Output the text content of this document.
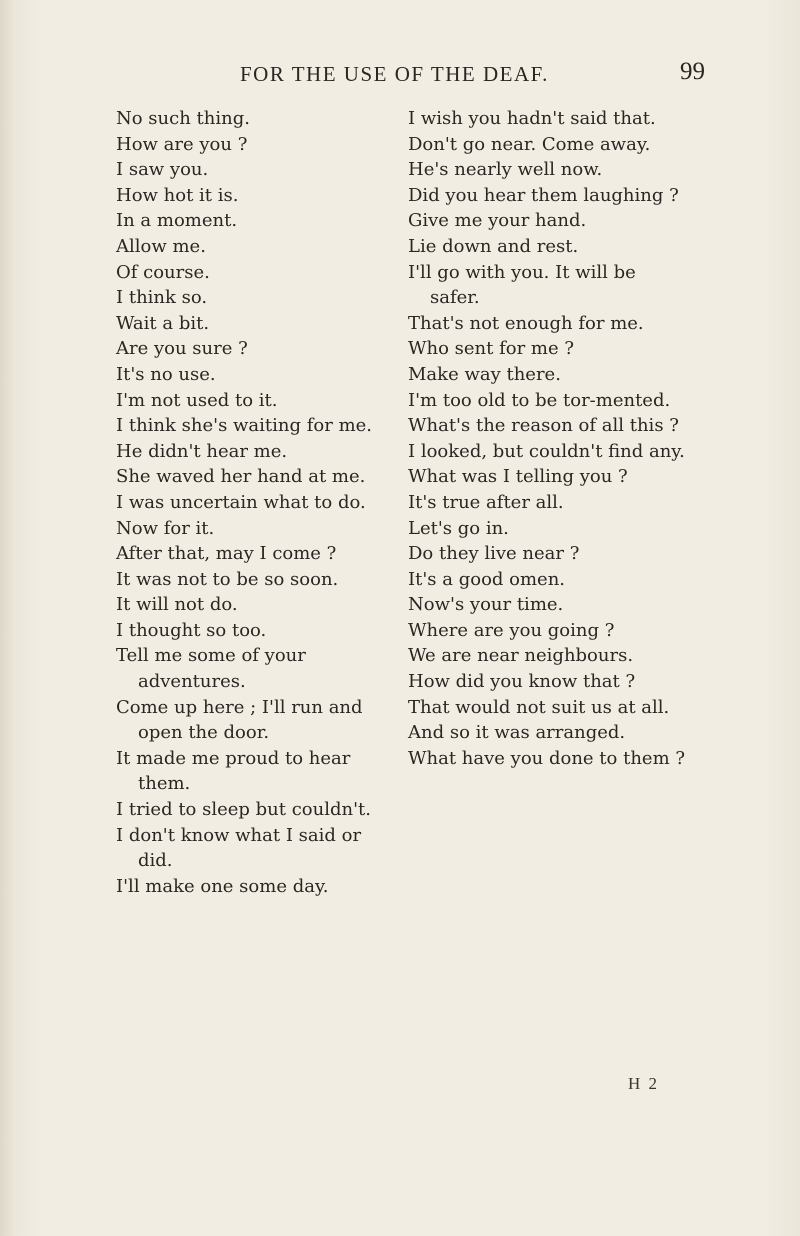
FOR THE USE OF THE DEAF.	99
No such thing.
How are you ?
I saw you.
How hot it is.
In a moment.
Allow me.
Of course.
I think so.
Wait a bit.
Are you sure ?
It's no use.
I'm not used to it.
I think she's waiting for me.
He didn't hear me.
She waved her hand at me.
I was uncertain what to do.
Now for it.
After that, may I come ?
It was not to be so soon.
It will not do.
I thought so too.
Tell me some of your adventures.
Come up here ; I'll run and open the door.
It made me proud to hear them.
I tried to sleep but couldn't.
I don't know what I said or did.
I'll make one some day.
I wish you hadn't said that.
Don't go near. Come away.
He's nearly well now.
Did you hear them laughing ?
Give me your hand.
Lie down and rest.
I'll go with you. It will be safer.
That's not enough for me.
Who sent for me ?
Make way there.
I'm too old to be tor-mented.
What's the reason of all this ?
I looked, but couldn't find any.
What was I telling you ?
It's true after all.
Let's go in.
Do they live near ?
It's a good omen.
Now's your time.
Where are you going ?
We are near neighbours.
How did you know that ?
That would not suit us at all.
And so it was arranged.
What have you done to them ?
H 2
